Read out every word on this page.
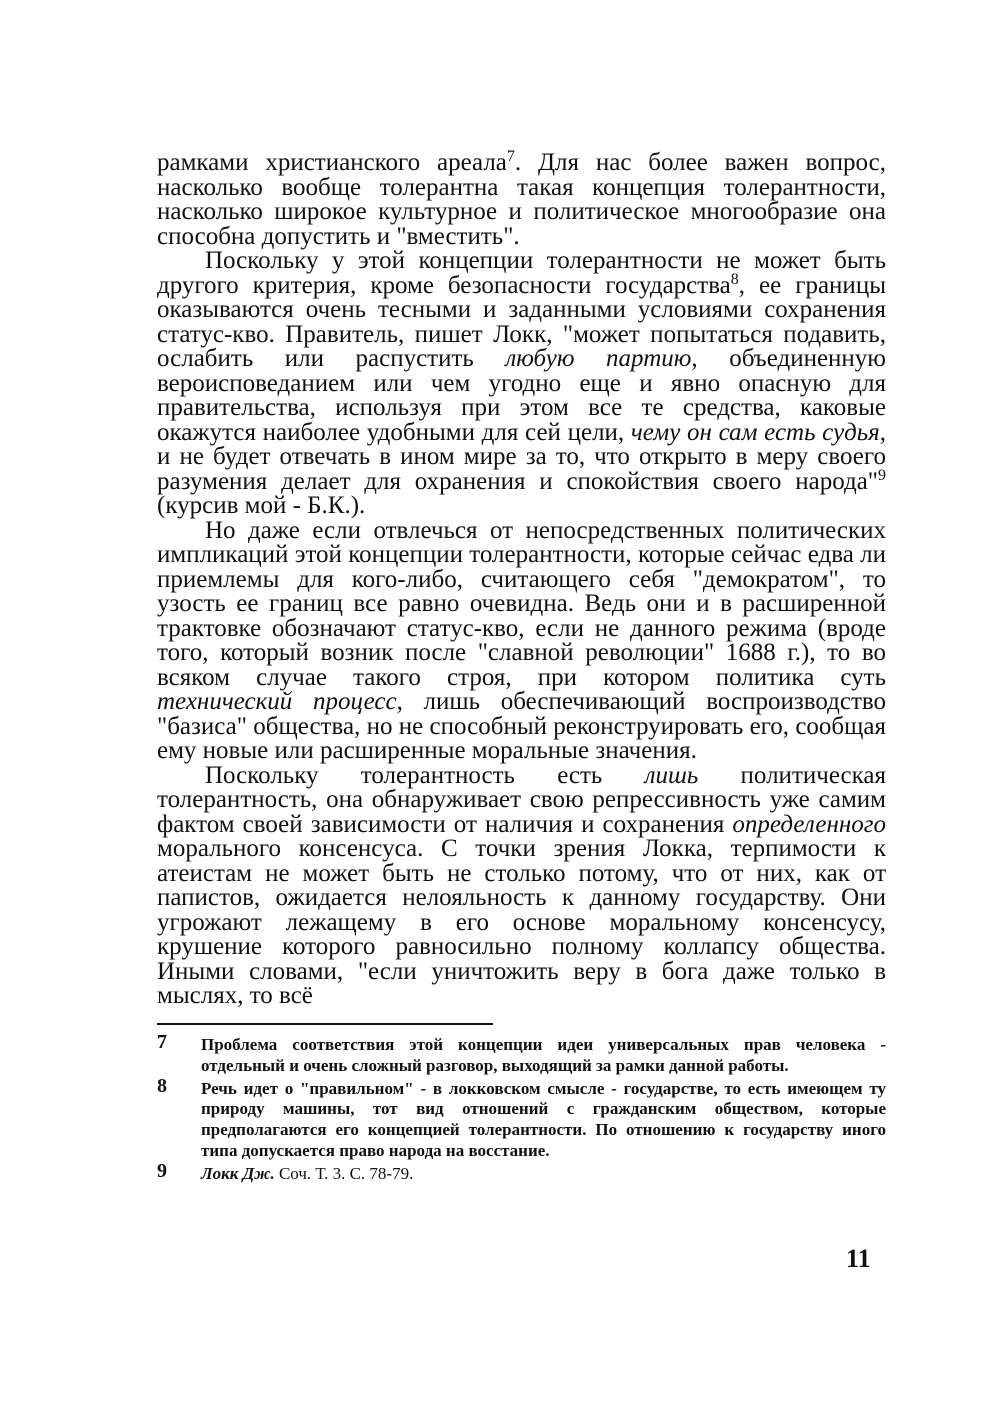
рамками христианского ареала$^7$. Для нас более важен вопрос, насколько вообще толерантна такая концепция толерантности, насколько широкое культурное и политическое многообразие она способна допустить и "вместить".

Поскольку у этой концепции толерантности не может быть другого критерия, кроме безопасности государства$^8$, ее границы оказываются очень тесными и заданными условиями сохранения статус-кво. Правитель, пишет Локк, "может попытаться подавить, ослабить или распустить любую партию, объединенную вероисповеданием или чем угодно еще и явно опасную для правительства, используя при этом все те средства, каковые окажутся наиболее удобными для сей цели, чему он сам есть судья, и не будет отвечать в ином мире за то, что открыто в меру своего разумения делает для охранения и спокойствия своего народа"$^9$ (курсив мой - Б.К.).

Но даже если отвлечься от непосредственных политических импликаций этой концепции толерантности, которые сейчас едва ли приемлемы для кого-либо, считающего себя "демократом", то узость ее границ все равно очевидна. Ведь они и в расширенной трактовке обозначают статус-кво, если не данного режима (вроде того, который возник после "славной революции" 1688 г.), то во всяком случае такого строя, при котором политика суть технический процесс, лишь обеспечивающий воспроизводство "базиса" общества, но не способный реконструировать его, сообщая ему новые или расширенные моральные значения.

Поскольку толерантность есть лишь политическая толерантность, она обнаруживает свою репрессивность уже самим фактом своей зависимости от наличия и сохранения определенного морального консенсуса. С точки зрения Локка, терпимости к атеистам не может быть не столько потому, что от них, как от папистов, ожидается нелояльность к данному государству. Они угрожают лежащему в его основе моральному консенсусу, крушение которого равносильно полному коллапсу общества. Иными словами, "если уничтожить веру в бога даже только в мыслях, то всё

7 Проблема соответствия этой концепции идеи универсальных прав человека - отдельный и очень сложный разговор, выходящий за рамки данной работы.
8 Речь идет о "правильном" - в локковском смысле - государстве, то есть имеющем ту природу машины, тот вид отношений с гражданским обществом, которые предполагаются его концепцией толерантности. По отношению к государству иного типа допускается право народа на восстание.
9 Локк Дж. Соч. Т. 3. С. 78-79.
11
